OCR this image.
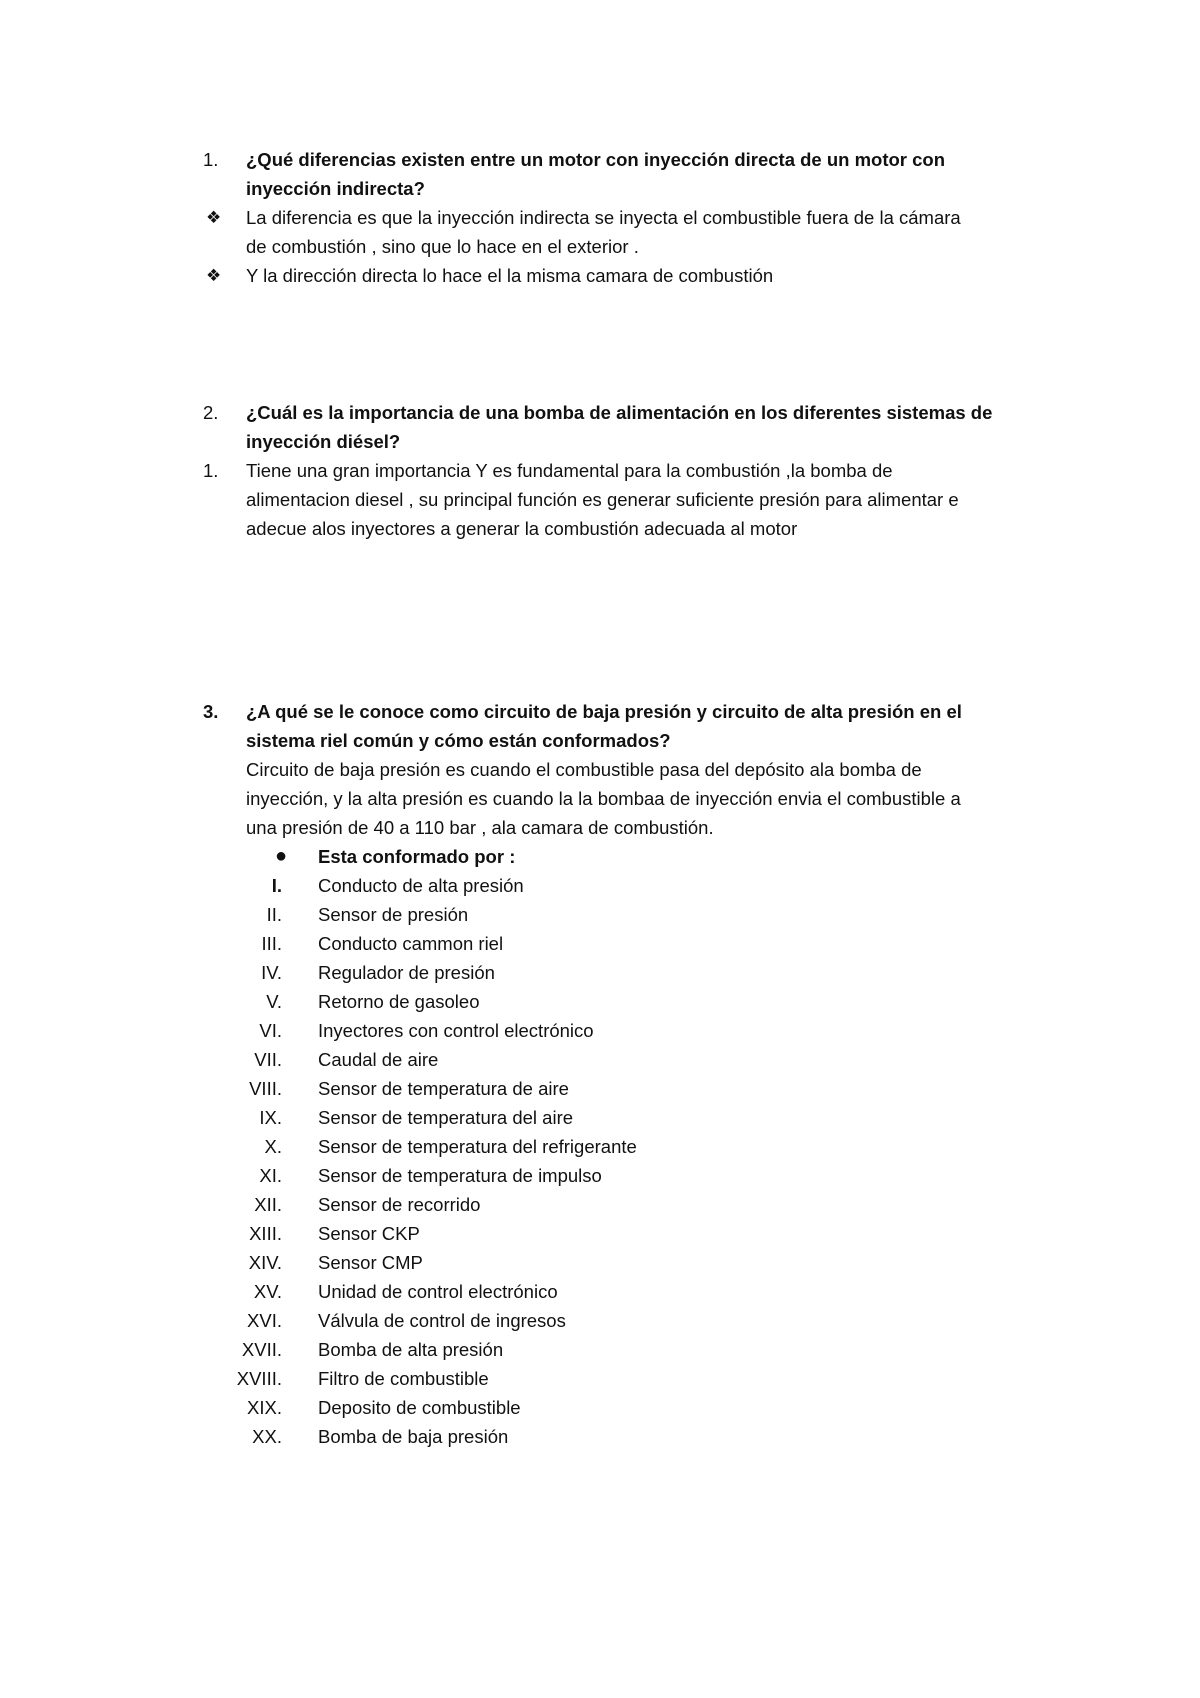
1.	¿Qué diferencias existen entre un motor con inyección directa de un motor con
inyección indirecta?
❖	La diferencia es que la inyección indirecta se inyecta el combustible fuera de la cámara
de combustión , sino que lo hace en el exterior .
❖	Y la dirección directa lo hace el la misma camara de combustión
2.	¿Cuál es la importancia de una bomba de alimentación en los diferentes sistemas de
inyección diésel?
1.	Tiene una gran importancia Y es fundamental para la combustión ,la bomba de
alimentacion diesel , su principal función es generar suficiente presión para alimentar e
adecue alos inyectores a generar la combustión adecuada al motor
3.	¿A qué se le conoce como circuito de baja presión y circuito de alta presión en el
sistema riel común y cómo están conformados?
Circuito de baja presión es cuando el combustible pasa del depósito ala bomba de
inyección, y la alta presión es cuando la la bombaa de inyección envia el combustible a
una presión de 40 a 110 bar , ala camara de combustión.
● Esta conformado por :
I. Conducto de alta presión
II. Sensor de presión
III. Conducto cammon riel
IV. Regulador de presión
V. Retorno de gasoleo
VI. Inyectores con control electrónico
VII. Caudal de aire
VIII. Sensor de temperatura de aire
IX. Sensor de temperatura del aire
X. Sensor de temperatura del refrigerante
XI. Sensor de temperatura de impulso
XII. Sensor de recorrido
XIII. Sensor CKP
XIV. Sensor CMP
XV. Unidad de control electrónico
XVI. Válvula de control de ingresos
XVII. Bomba de alta presión
XVIII. Filtro de combustible
XIX. Deposito de combustible
XX. Bomba de baja presión
